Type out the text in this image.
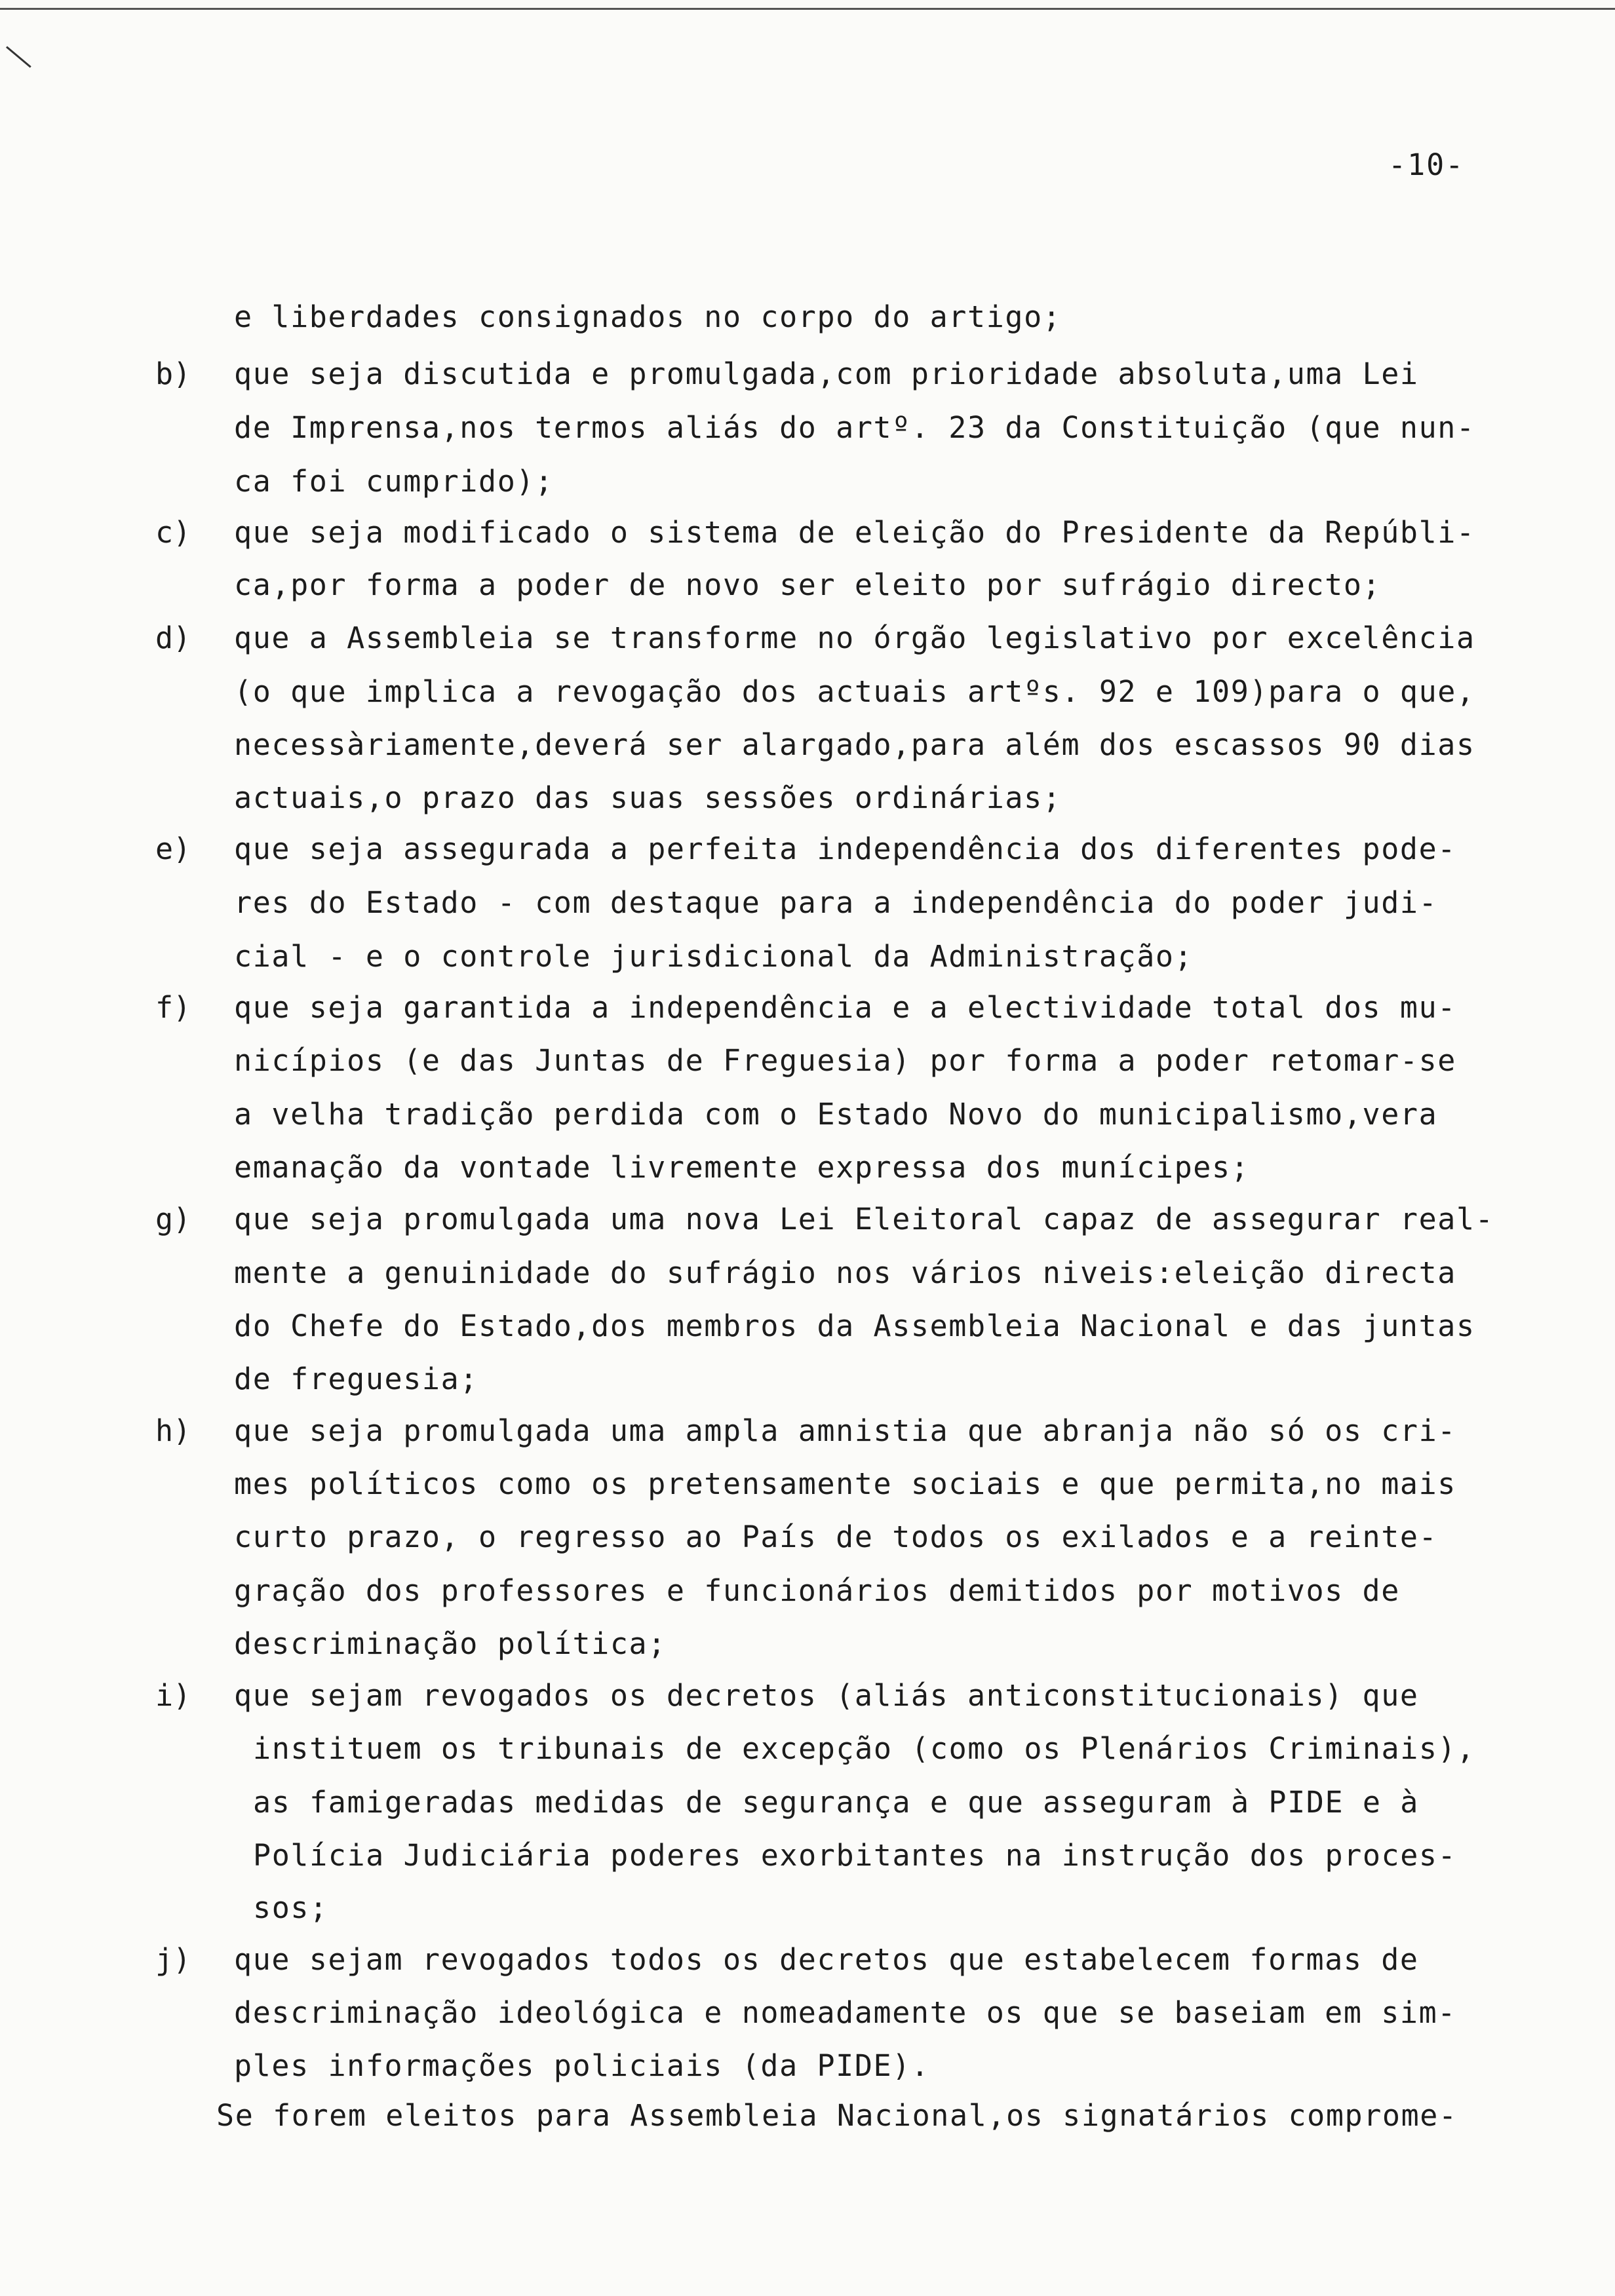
-10-
e liberdades consignados no corpo do artigo;
b) que seja discutida e promulgada,com prioridade absoluta,uma Lei
de Imprensa,nos termos aliás do artº. 23 da Constituição (que nun-
ca foi cumprido);
c) que seja modificado o sistema de eleição do Presidente da Repúbli-
ca,por forma a poder de novo ser eleito por sufrágio directo;
d) que a Assembleia se transforme no órgão legislativo por excelência
(o que implica a revogação dos actuais artºs. 92 e 109)para o que,
necessàriamente,deverá ser alargado,para além dos escassos 90 dias
actuais,o prazo das suas sessões ordinárias;
e) que seja assegurada a perfeita independência dos diferentes pode-
res do Estado - com destaque para a independência do poder judi-
cial - e o controle jurisdicional da Administração;
f) que seja garantida a independência e a electividade total dos mu-
nicípios (e das Juntas de Freguesia) por forma a poder retomar-se
a velha tradição perdida com o Estado Novo do municipalismo,vera
emanação da vontade livremente expressa dos munícipes;
g) que seja promulgada uma nova Lei Eleitoral capaz de assegurar real-
mente a genuinidade do sufrágio nos vários niveis:eleição directa
do Chefe do Estado,dos membros da Assembleia Nacional e das juntas
de freguesia;
h) que seja promulgada uma ampla amnistia que abranja não só os cri-
mes políticos como os pretensamente sociais e que permita,no mais
curto prazo, o regresso ao País de todos os exilados e a reinte-
gração dos professores e funcionários demitidos por motivos de
descriminação política;
i) que sejam revogados os decretos (aliás anticonstitucionais) que
instituem os tribunais de excepção (como os Plenários Criminais),
as famigeradas medidas de segurança e que asseguram à PIDE e à
Polícia Judiciária poderes exorbitantes na instrução dos proces-
sos;
j) que sejam revogados todos os decretos que estabelecem formas de
descriminação ideológica e nomeadamente os que se baseiam em sim-
ples informações policiais (da PIDE).
Se forem eleitos para Assembleia Nacional,os signatários comprome-
